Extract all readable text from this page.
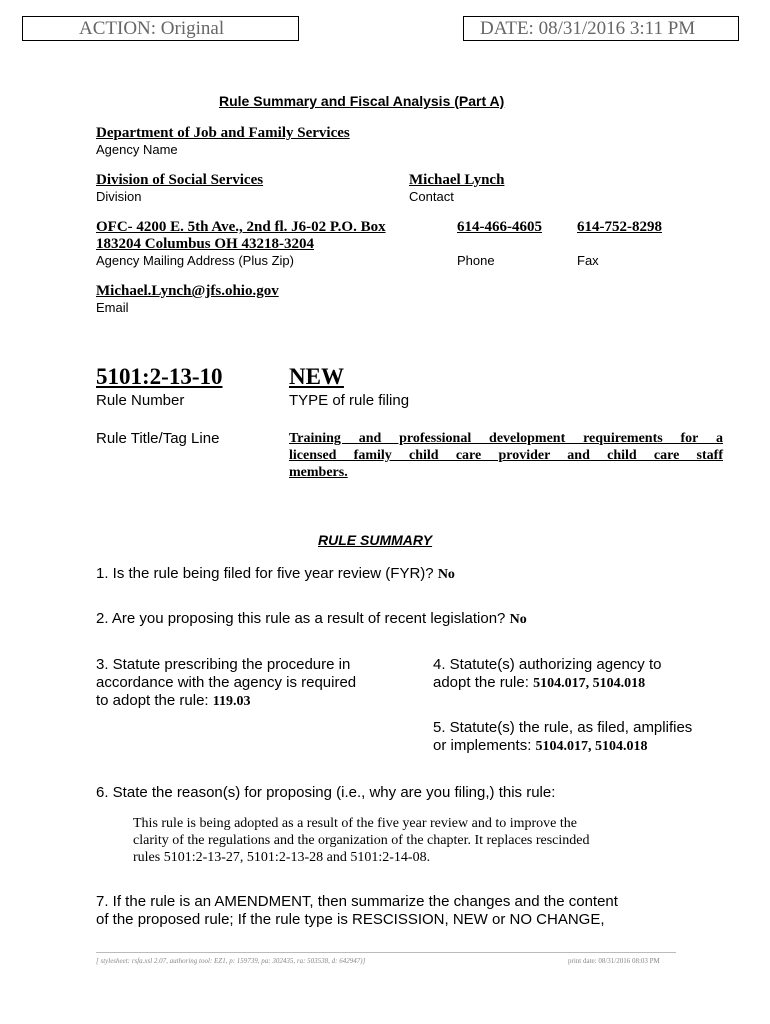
ACTION: Original	DATE: 08/31/2016 3:11 PM
Rule Summary and Fiscal Analysis (Part A)
Department of Job and Family Services
Agency Name
Division of Social Services
Division
Michael Lynch
Contact
OFC- 4200 E. 5th Ave., 2nd fl. J6-02 P.O. Box
183204 Columbus OH 43218-3204
Agency Mailing Address (Plus Zip)
614-466-4605
Phone
614-752-8298
Fax
Michael.Lynch@jfs.ohio.gov
Email
5101:2-13-10
Rule Number
NEW
TYPE of rule filing
Rule Title/Tag Line	Training and professional development requirements for a
licensed family child care provider and child care staff
members.
RULE SUMMARY
1. Is the rule being filed for five year review (FYR)? No
2. Are you proposing this rule as a result of recent legislation? No
3. Statute prescribing the procedure in
accordance with the agency is required
to adopt the rule: 119.03
4. Statute(s) authorizing agency to
adopt the rule: 5104.017, 5104.018
5. Statute(s) the rule, as filed, amplifies
or implements: 5104.017, 5104.018
6. State the reason(s) for proposing (i.e., why are you filing,) this rule:
This rule is being adopted as a result of the five year review and to improve the
clarity of the regulations and the organization of the chapter. It replaces rescinded
rules 5101:2-13-27, 5101:2-13-28 and 5101:2-14-08.
7. If the rule is an AMENDMENT, then summarize the changes and the content
of the proposed rule; If the rule type is RESCISSION, NEW or NO CHANGE,
[ stylesheet: rsfa.xsl 2.07, authoring tool: EZ1, p: 159739, pa: 302435, ra: 503538, d: 642947)]	print date: 08/31/2016 08:03 PM
